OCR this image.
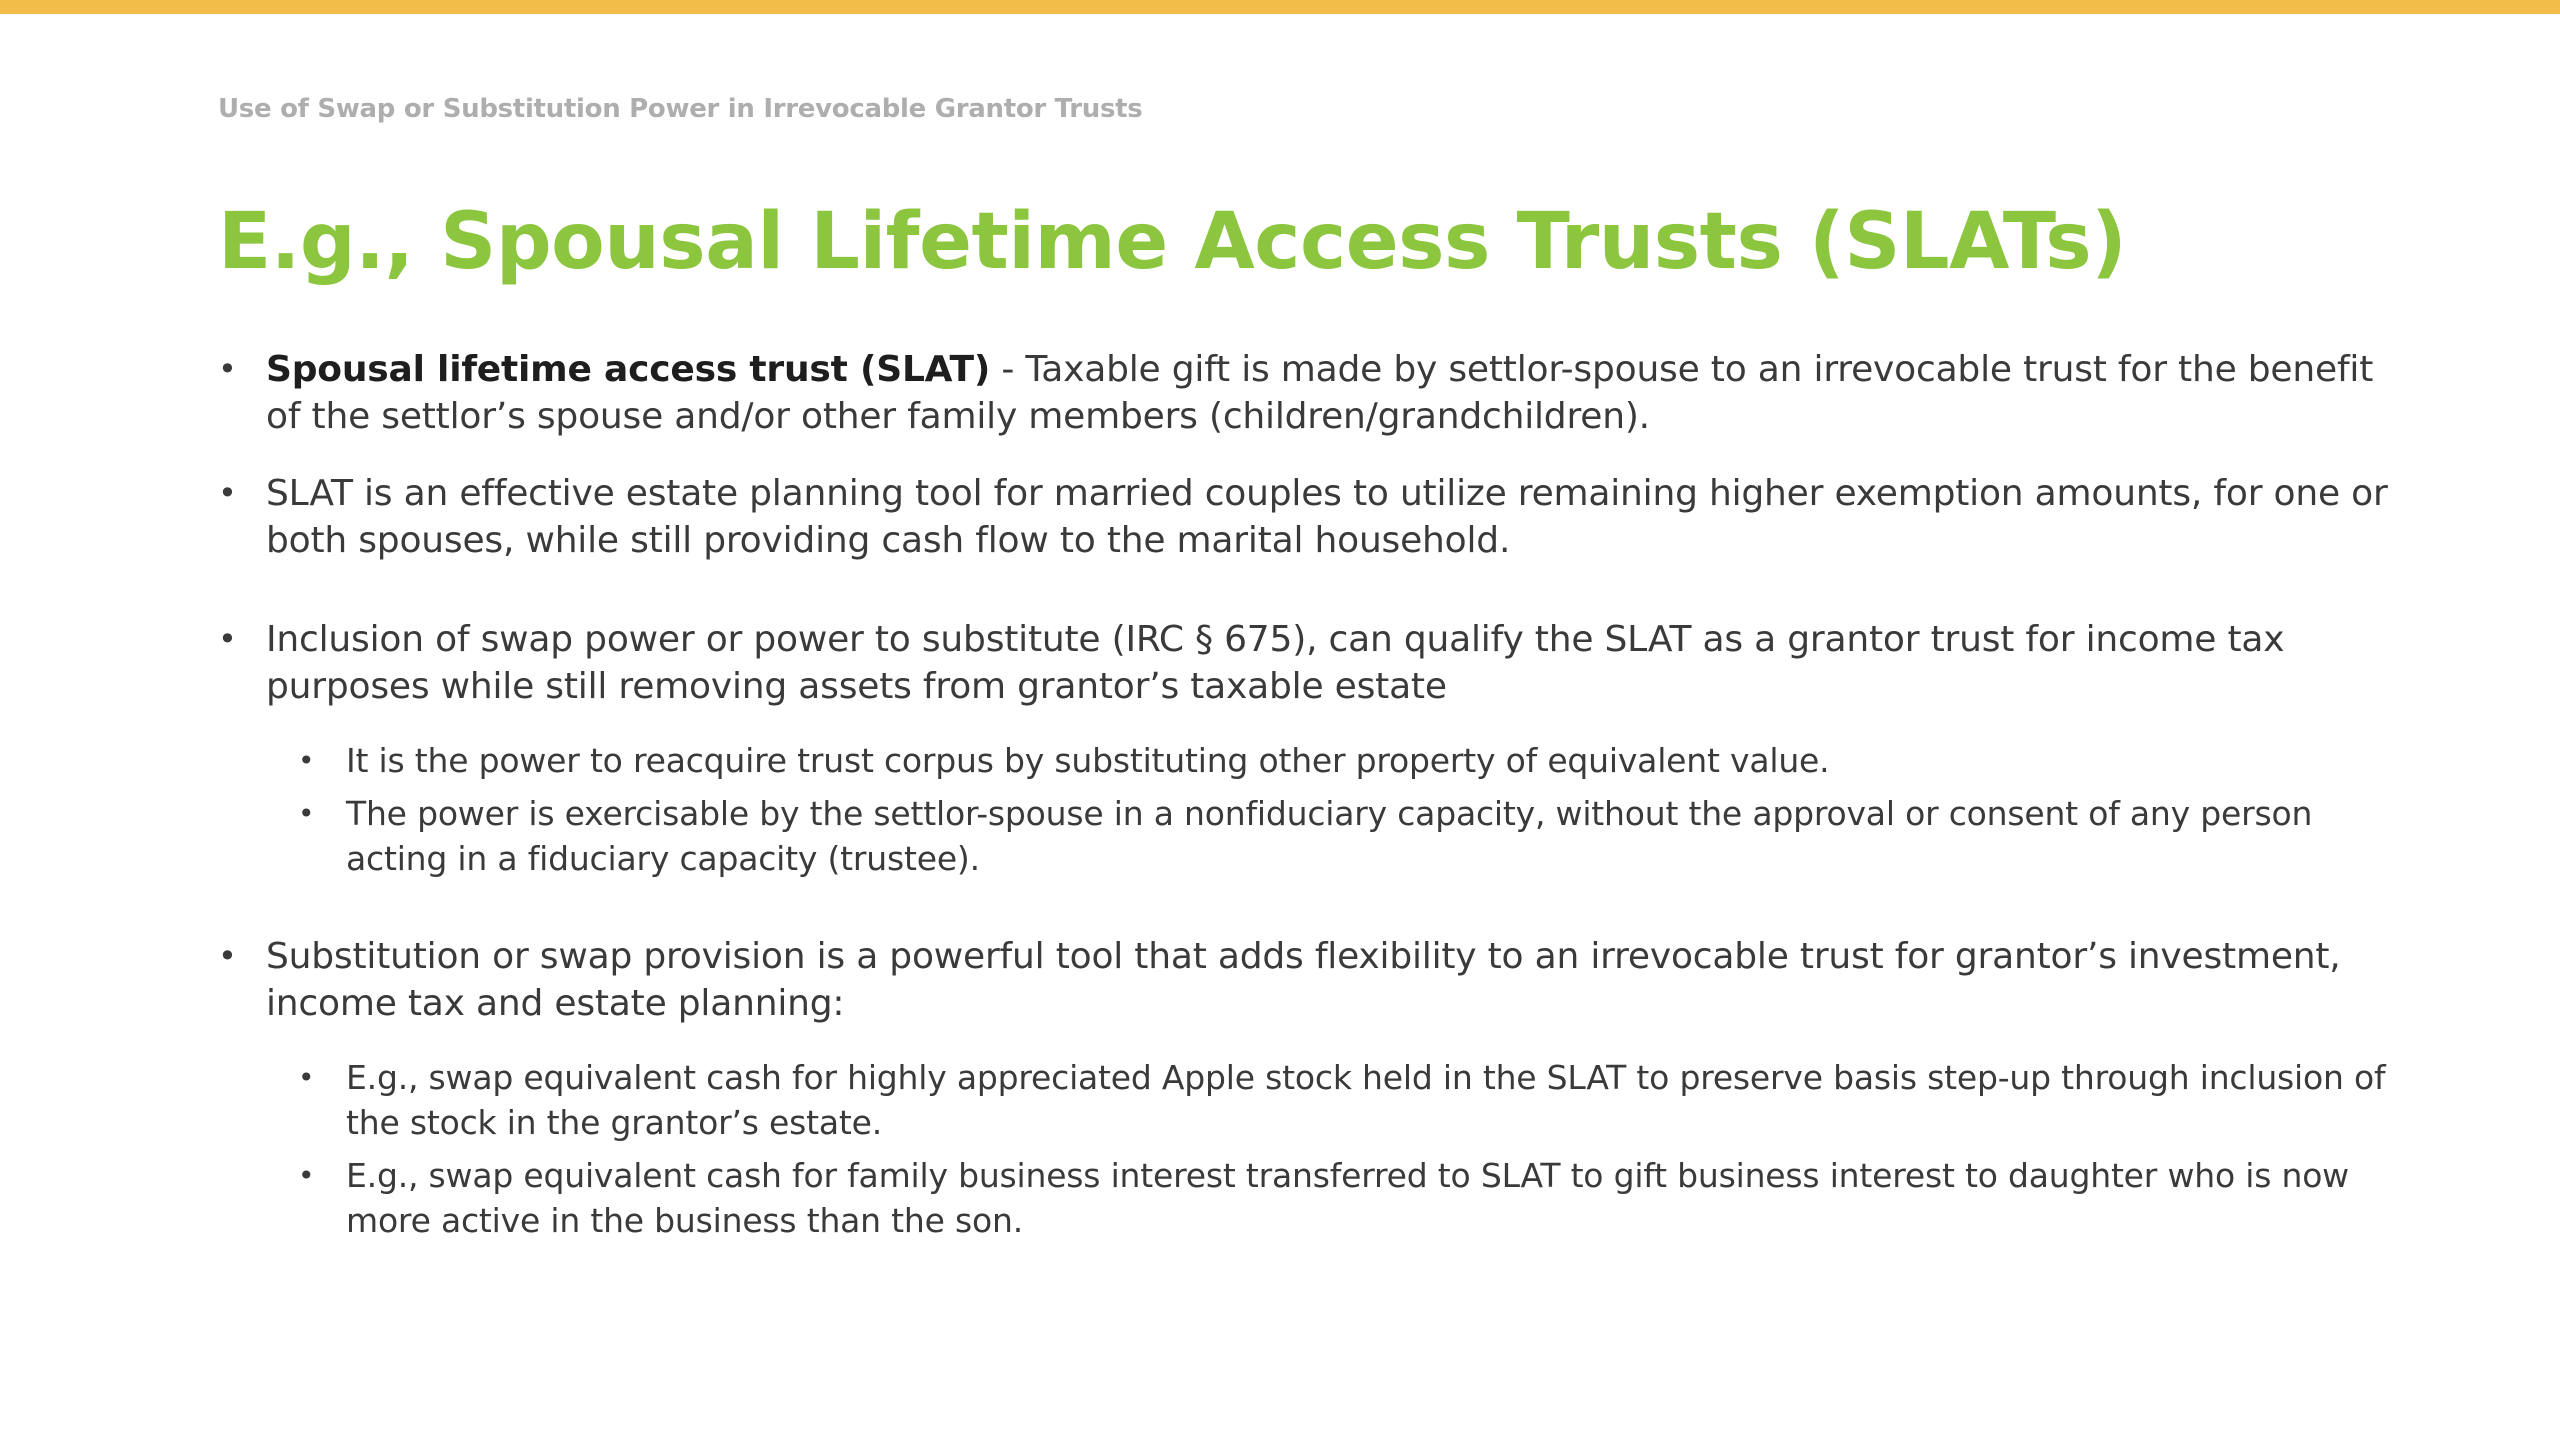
Use of Swap or Substitution Power in Irrevocable Grantor Trusts
E.g., Spousal Lifetime Access Trusts (SLATs)
• Spousal lifetime access trust (SLAT) - Taxable gift is made by settlor-spouse to an irrevocable trust for the benefit of the settlor’s spouse and/or other family members (children/grandchildren).
• SLAT is an effective estate planning tool for married couples to utilize remaining higher exemption amounts, for one or both spouses, while still providing cash flow to the marital household.
• Inclusion of swap power or power to substitute (IRC § 675), can qualify the SLAT as a grantor trust for income tax purposes while still removing assets from grantor’s taxable estate
• It is the power to reacquire trust corpus by substituting other property of equivalent value.
• The power is exercisable by the settlor-spouse in a nonfiduciary capacity, without the approval or consent of any person acting in a fiduciary capacity (trustee).
• Substitution or swap provision is a powerful tool that adds flexibility to an irrevocable trust for grantor’s investment, income tax and estate planning:
• E.g., swap equivalent cash for highly appreciated Apple stock held in the SLAT to preserve basis step-up through inclusion of the stock in the grantor’s estate.
• E.g., swap equivalent cash for family business interest transferred to SLAT to gift business interest to daughter who is now more active in the business than the son.
